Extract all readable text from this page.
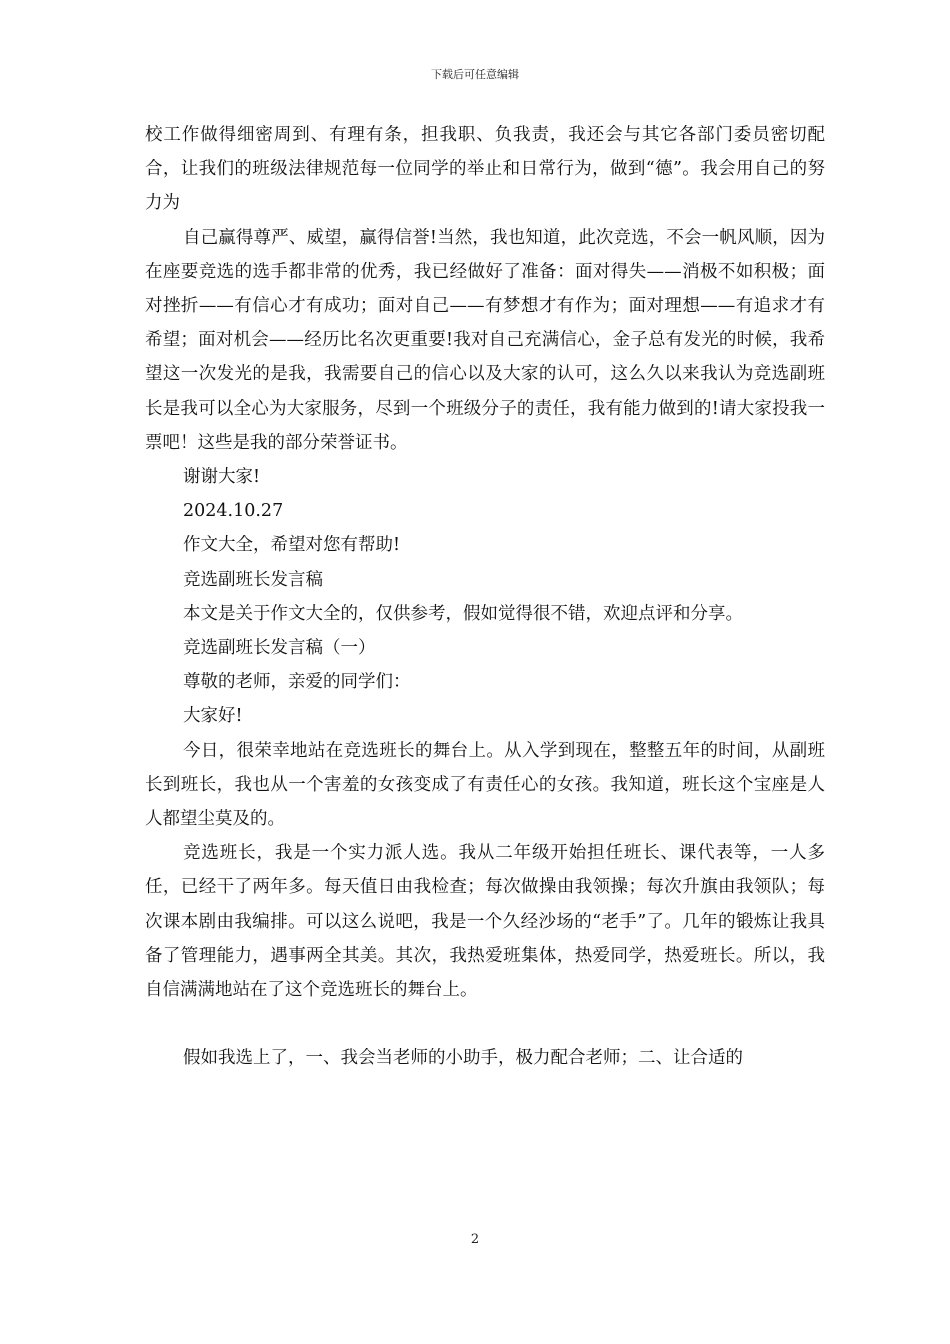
下载后可任意编辑

校工作做得细密周到、有理有条，担我职、负我责，我还会与其它各部门委员密切配合，让我们的班级法律规范每一位同学的举止和日常行为，做到“德”。我会用自己的努力为

自己赢得尊严、威望，赢得信誉!当然，我也知道，此次竞选，不会一帆风顺，因为在座要竞选的选手都非常的优秀，我已经做好了准备：面对得失——消极不如积极；面对挫折——有信心才有成功；面对自己——有梦想才有作为；面对理想——有追求才有希望；面对机会——经历比名次更重要!我对自己充满信心，金子总有发光的时候，我希望这一次发光的是我，我需要自己的信心以及大家的认可，这么久以来我认为竞选副班长是我可以全心为大家服务，尽到一个班级分子的责任，我有能力做到的!请大家投我一票吧！这些是我的部分荣誉证书。

谢谢大家!

2024.10.27

作文大全，希望对您有帮助!

竞选副班长发言稿

本文是关于作文大全的，仅供参考，假如觉得很不错，欢迎点评和分享。

竞选副班长发言稿（一）

尊敬的老师，亲爱的同学们：

大家好!

今日，很荣幸地站在竞选班长的舞台上。从入学到现在，整整五年的时间，从副班长到班长，我也从一个害羞的女孩变成了有责任心的女孩。我知道，班长这个宝座是人人都望尘莫及的。

竞选班长，我是一个实力派人选。我从二年级开始担任班长、课代表等，一人多任，已经干了两年多。每天值日由我检查；每次做操由我领操；每次升旗由我领队；每次课本剧由我编排。可以这么说吧，我是一个久经沙场的“老手”了。几年的锻炼让我具备了管理能力，遇事两全其美。其次，我热爱班集体，热爱同学，热爱班长。所以，我自信满满地站在了这个竞选班长的舞台上。

假如我选上了，一、我会当老师的小助手，极力配合老师；二、让合适的

2
